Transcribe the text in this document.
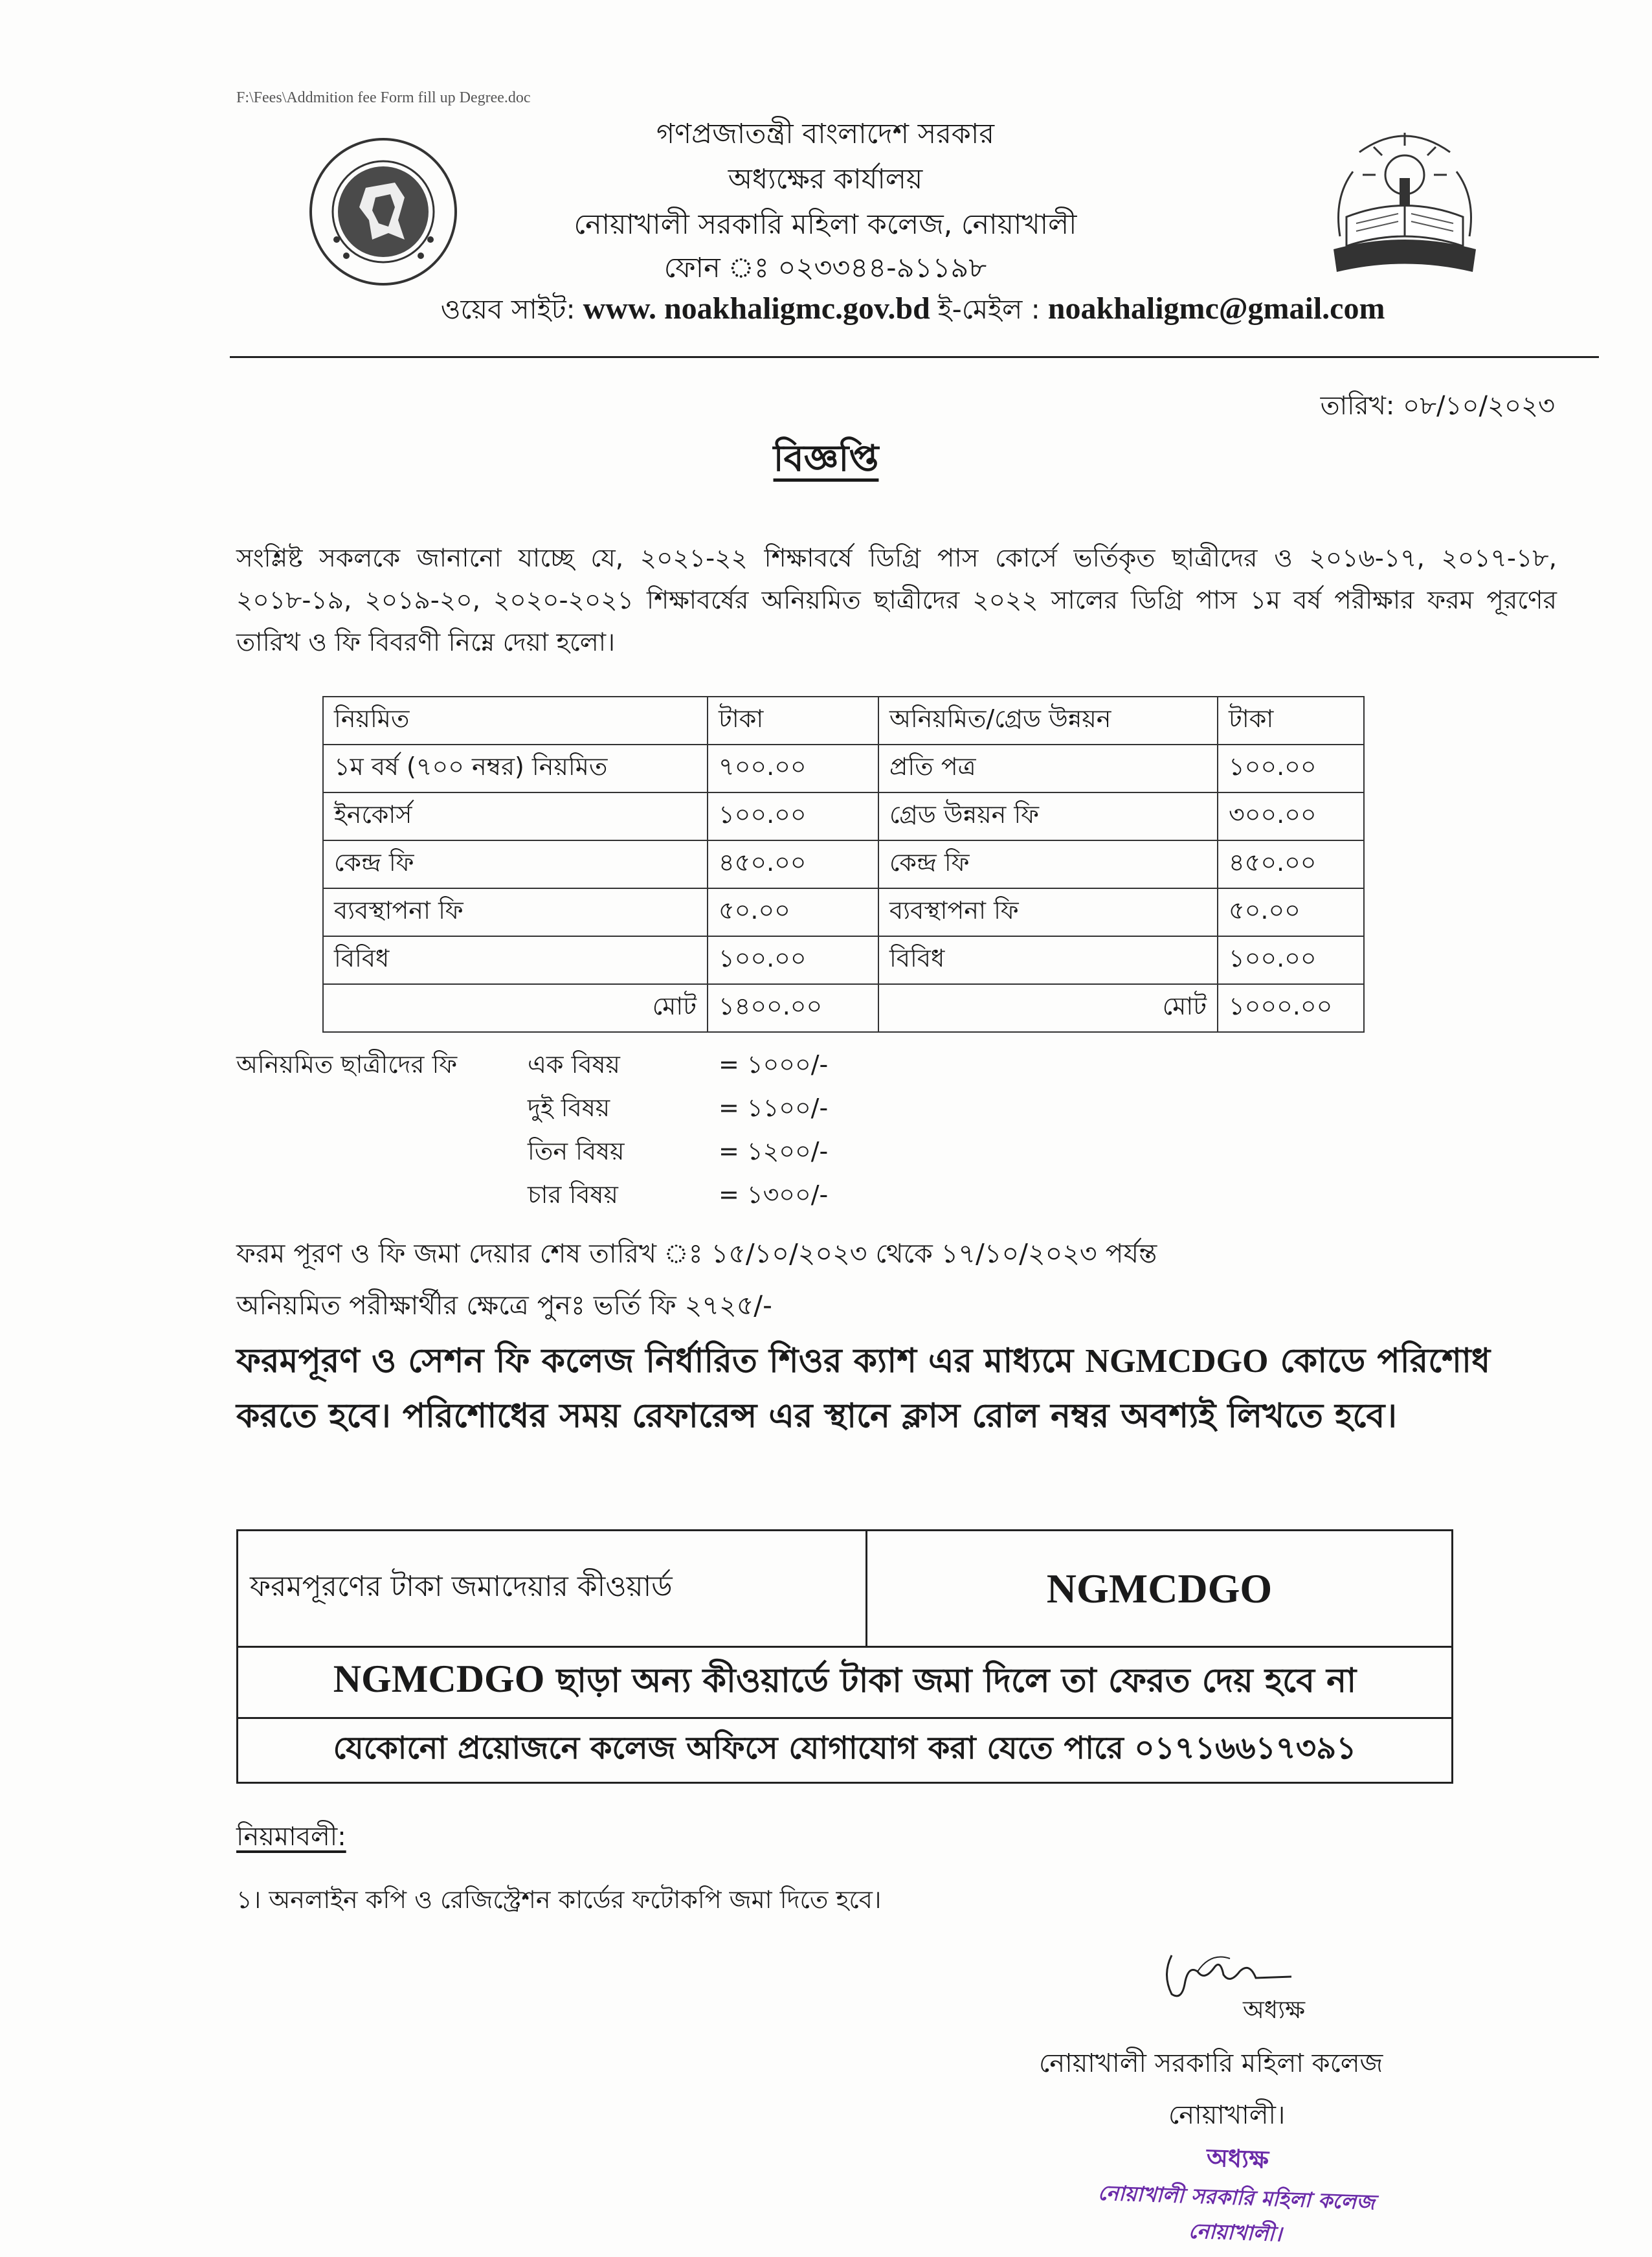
F:\Fees\Addmition fee Form fill up Degree.doc
গণপ্রজাতন্ত্রী বাংলাদেশ সরকার
অধ্যক্ষের কার্যালয়
নোয়াখালী সরকারি মহিলা কলেজ, নোয়াখালী
ফোন ঃ ০২৩৩৪৪-৯১১৯৮
ওয়েব সাইট: www. noakhaligmc.gov.bd ই-মেইল : noakhaligmc@gmail.com
তারিখ: ০৮/১০/২০২৩
বিজ্ঞপ্তি
সংশ্লিষ্ট সকলকে জানানো যাচ্ছে যে, ২০২১-২২ শিক্ষাবর্ষে ডিগ্রি পাস কোর্সে ভর্তিকৃত ছাত্রীদের ও ২০১৬-১৭, ২০১৭-১৮, ২০১৮-১৯, ২০১৯-২০, ২০২০-২০২১ শিক্ষাবর্ষের অনিয়মিত ছাত্রীদের ২০২২ সালের ডিগ্রি পাস ১ম বর্ষ পরীক্ষার ফরম পূরণের তারিখ ও ফি বিবরণী নিম্নে দেয়া হলো।
নিয়মিত	টাকা	অনিয়মিত/গ্রেড উন্নয়ন	টাকা
১ম বর্ষ (৭০০ নম্বর) নিয়মিত	৭০০.০০	প্রতি পত্র	১০০.০০
ইনকোর্স	১০০.০০	গ্রেড উন্নয়ন ফি	৩০০.০০
কেন্দ্র ফি	৪৫০.০০	কেন্দ্র ফি	৪৫০.০০
ব্যবস্থাপনা ফি	৫০.০০	ব্যবস্থাপনা ফি	৫০.০০
বিবিধ	১০০.০০	বিবিধ	১০০.০০
মোট	১৪০০.০০	মোট	১০০০.০০
অনিয়মিত ছাত্রীদের ফি	এক বিষয়	= ১০০০/-
দুই বিষয়	= ১১০০/-
তিন বিষয়	= ১২০০/-
চার বিষয়	= ১৩০০/-
ফরম পূরণ ও ফি জমা দেয়ার শেষ তারিখ ঃ ১৫/১০/২০২৩ থেকে ১৭/১০/২০২৩ পর্যন্ত
অনিয়মিত পরীক্ষার্থীর ক্ষেত্রে পুনঃ ভর্তি ফি ২৭২৫/-
ফরমপূরণ ও সেশন ফি কলেজ নির্ধারিত শিওর ক্যাশ এর মাধ্যমে NGMCDGO কোডে পরিশোধ করতে হবে। পরিশোধের সময় রেফারেন্স এর স্থানে ক্লাস রোল নম্বর অবশ্যই লিখতে হবে।
ফরমপূরণের টাকা জমাদেয়ার কীওয়ার্ড	NGMCDGO
NGMCDGO ছাড়া অন্য কীওয়ার্ডে টাকা জমা দিলে তা ফেরত দেয় হবে না
যেকোনো প্রয়োজনে কলেজ অফিসে যোগাযোগ করা যেতে পারে ০১৭১৬৬১৭৩৯১
নিয়মাবলী:
১। অনলাইন কপি ও রেজিস্ট্রেশন কার্ডের ফটোকপি জমা দিতে হবে।
অধ্যক্ষ
নোয়াখালী সরকারি মহিলা কলেজ
নোয়াখালী।
অধ্যক্ষ
নোয়াখালী সরকারি মহিলা কলেজ
নোয়াখালী।
